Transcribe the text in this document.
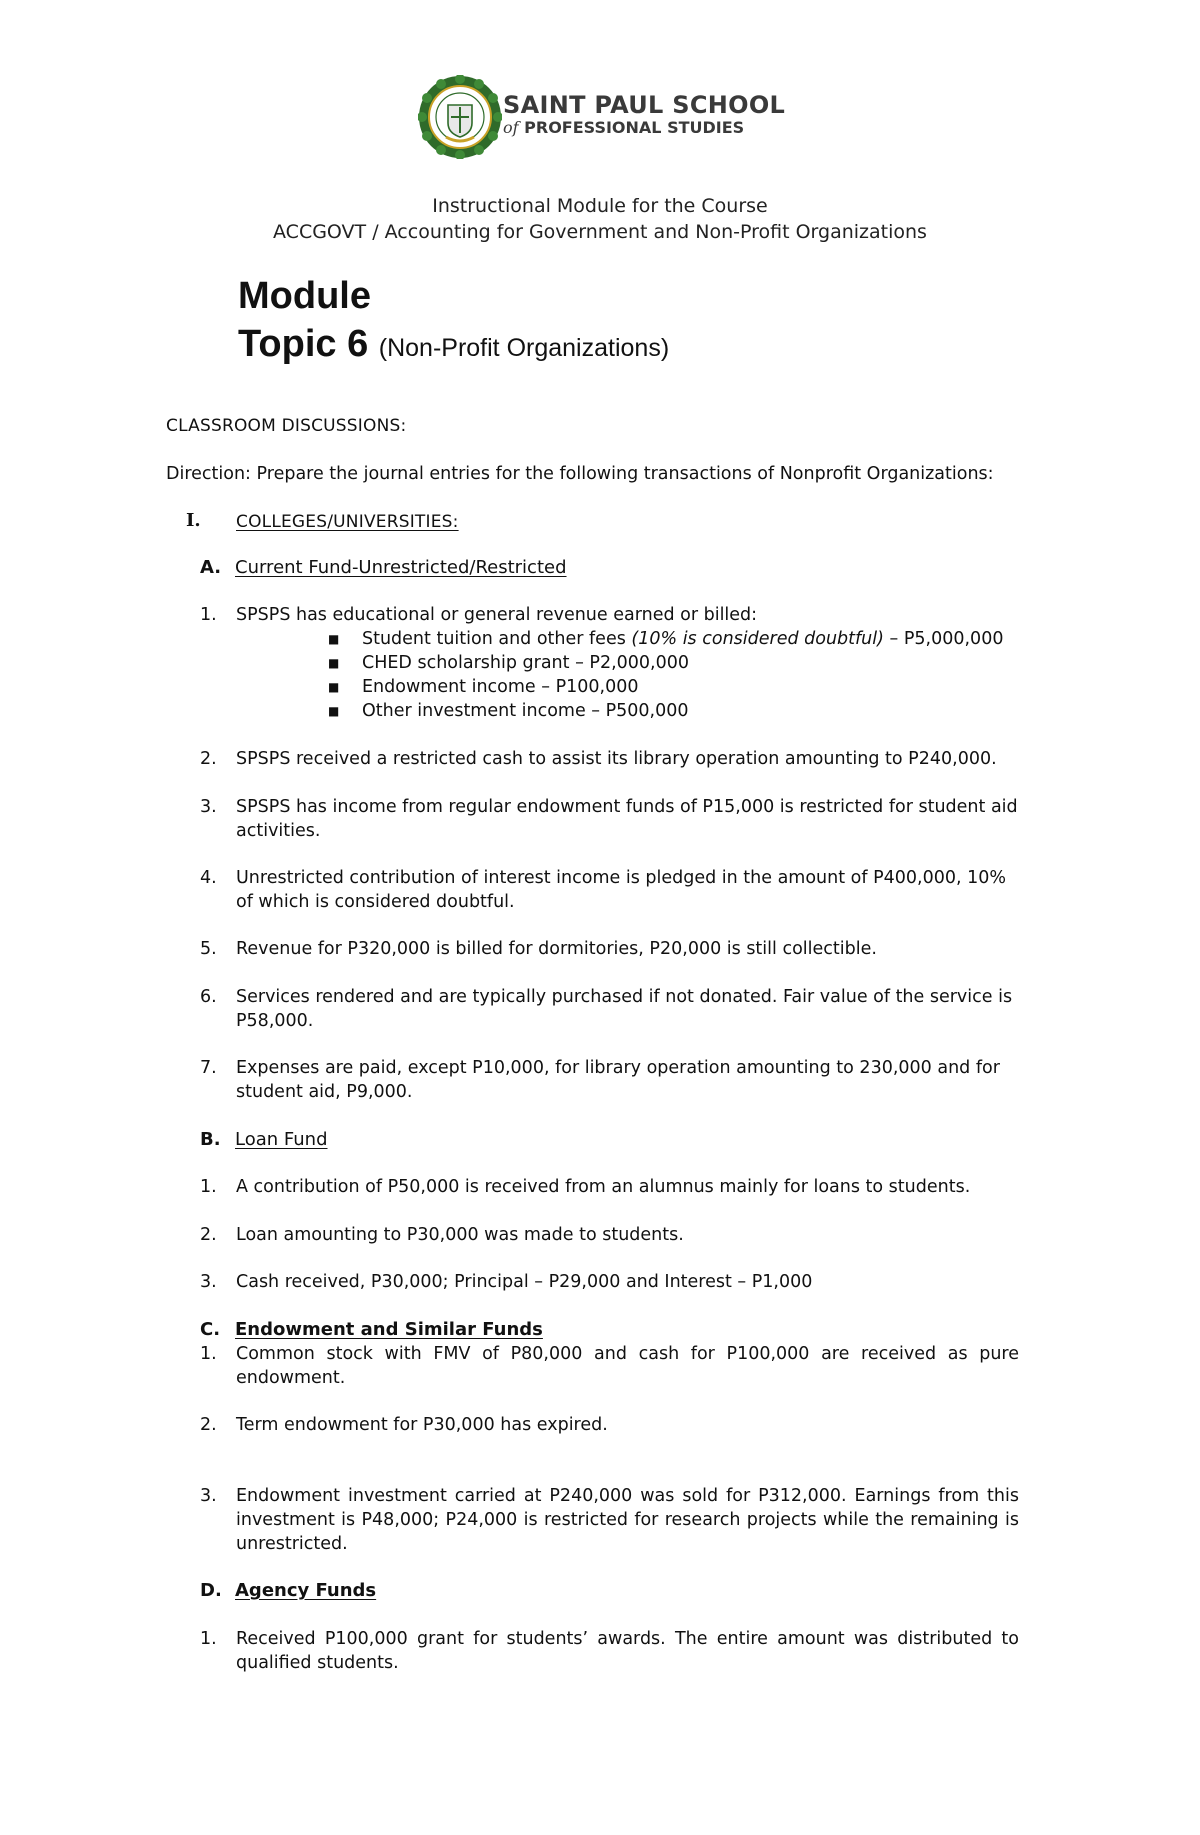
SAINT PAUL SCHOOL
of PROFESSIONAL STUDIES
Instructional Module for the Course
ACCGOVT / Accounting for Government and Non-Profit Organizations
Module
Topic 6 (Non-Profit Organizations)
CLASSROOM DISCUSSIONS:
Direction: Prepare the journal entries for the following transactions of Nonprofit Organizations:
I. COLLEGES/UNIVERSITIES:
A. Current Fund-Unrestricted/Restricted
1. SPSPS has educational or general revenue earned or billed:
■ Student tuition and other fees (10% is considered doubtful) – P5,000,000
■ CHED scholarship grant – P2,000,000
■ Endowment income – P100,000
■ Other investment income – P500,000
2. SPSPS received a restricted cash to assist its library operation amounting to P240,000.
3. SPSPS has income from regular endowment funds of P15,000 is restricted for student aid activities.
4. Unrestricted contribution of interest income is pledged in the amount of P400,000, 10% of which is considered doubtful.
5. Revenue for P320,000 is billed for dormitories, P20,000 is still collectible.
6. Services rendered and are typically purchased if not donated. Fair value of the service is P58,000.
7. Expenses are paid, except P10,000, for library operation amounting to 230,000 and for student aid, P9,000.
B. Loan Fund
1. A contribution of P50,000 is received from an alumnus mainly for loans to students.
2. Loan amounting to P30,000 was made to students.
3. Cash received, P30,000; Principal – P29,000 and Interest – P1,000
C. Endowment and Similar Funds
1. Common stock with FMV of P80,000 and cash for P100,000 are received as pure endowment.
2. Term endowment for P30,000 has expired.
3. Endowment investment carried at P240,000 was sold for P312,000. Earnings from this investment is P48,000; P24,000 is restricted for research projects while the remaining is unrestricted.
D. Agency Funds
1. Received P100,000 grant for students’ awards. The entire amount was distributed to qualified students.
